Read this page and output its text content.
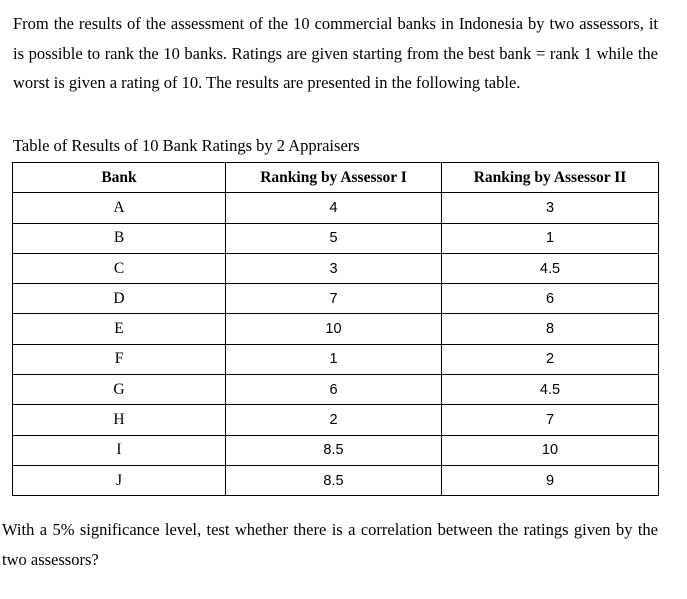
From the results of the assessment of the 10 commercial banks in Indonesia by two assessors, it is possible to rank the 10 banks. Ratings are given starting from the best bank = rank 1 while the worst is given a rating of 10. The results are presented in the following table.

Table of Results of 10 Bank Ratings by 2 Appraisers

Bank	Ranking by Assessor I	Ranking by Assessor II
A	4	3
B	5	1
C	3	4.5
D	7	6
E	10	8
F	1	2
G	6	4.5
H	2	7
I	8.5	10
J	8.5	9

With a 5% significance level, test whether there is a correlation between the ratings given by the two assessors?
